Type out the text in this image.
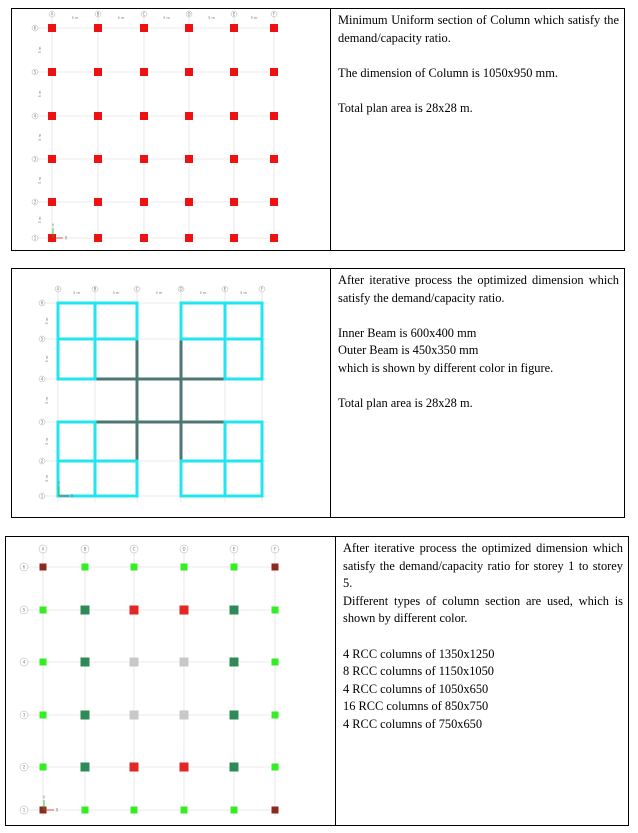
A	B	C	D	E	F
6
5
4
3
2
1
5 m	5 m	5 m	5 m	5 m
5 m
5 m
5 m
5 m
5 m
X
Y

Minimum Uniform section of Column which satisfy the demand/capacity ratio.

The dimension of Column is 1050x950 mm.

Total plan area is 28x28 m.

A	B	C	D	E	F
6
5
4
3
2
1
5 m	5 m	5 m	5 m	5 m
5 m
5 m
5 m
5 m
5 m
X
Y

After iterative process the optimized dimension which satisfy the demand/capacity ratio.

Inner Beam is 600x400 mm

Outer Beam is 450x350 mm

which is shown by different color in figure.

Total plan area is 28x28 m.

A	B	C	D	E	F
6
5
4
3
2
1	X
Y

After iterative process the optimized dimension which satisfy the demand/capacity ratio for storey 1 to storey 5.

Different types of column section are used, which is shown by different color.

4 RCC columns of 1350x1250

8 RCC columns of 1150x1050

4 RCC columns of 1050x650

16 RCC columns of 850x750

4 RCC columns of 750x650
